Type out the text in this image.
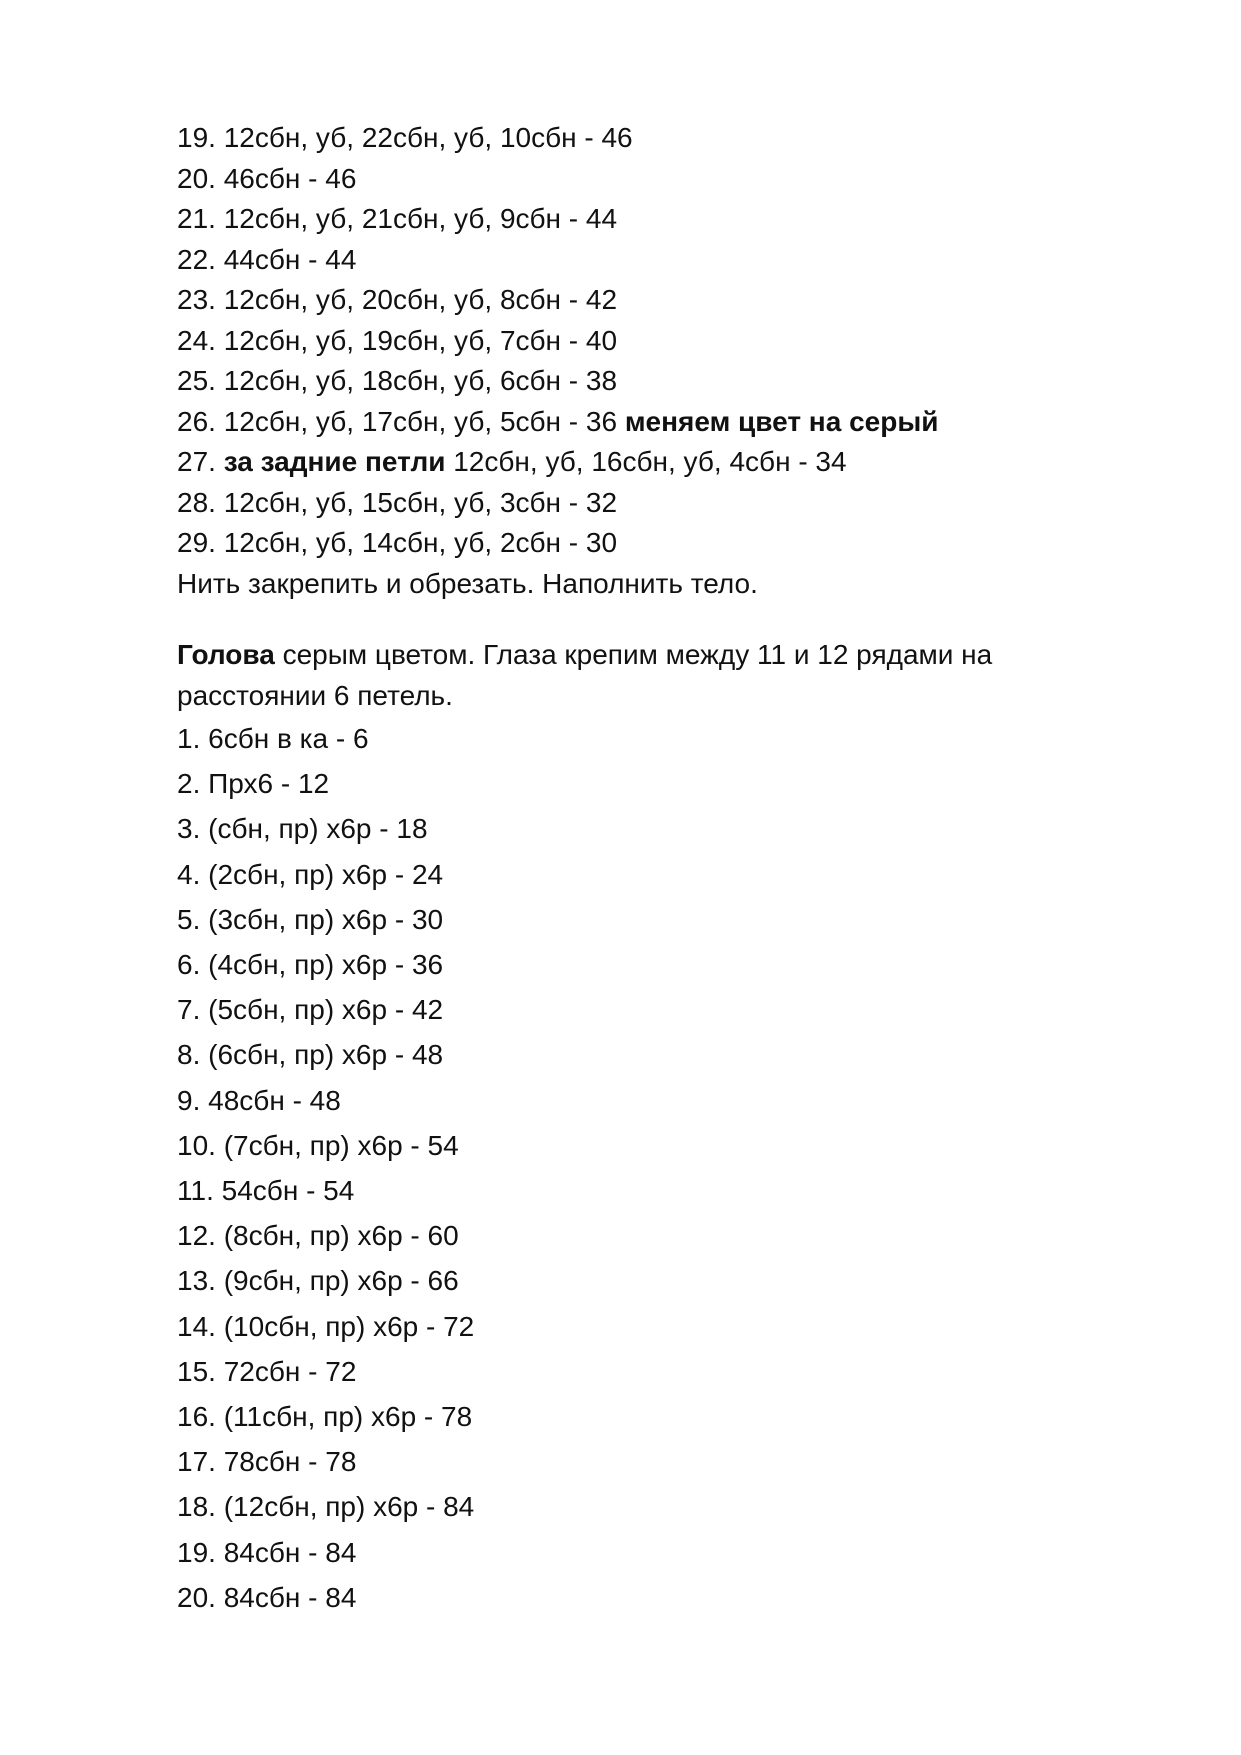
19. 12сбн, уб, 22сбн, уб, 10сбн - 46
20. 46сбн - 46
21. 12сбн, уб, 21сбн, уб, 9сбн - 44
22. 44сбн - 44
23. 12сбн, уб, 20сбн, уб, 8сбн - 42
24. 12сбн, уб, 19сбн, уб, 7сбн - 40
25. 12сбн, уб, 18сбн, уб, 6сбн - 38
26. 12сбн, уб, 17сбн, уб, 5сбн - 36 меняем цвет на серый
27. за задние петли 12сбн, уб, 16сбн, уб, 4сбн - 34
28. 12сбн, уб, 15сбн, уб, 3сбн - 32
29. 12сбн, уб, 14сбн, уб, 2сбн - 30
Нить закрепить и обрезать. Наполнить тело.
Голова серым цветом. Глаза крепим между 11 и 12 рядами на расстоянии 6 петель.
1. 6сбн в ка - 6
2. Прх6 - 12
3. (сбн, пр) х6р - 18
4. (2сбн, пр) х6р - 24
5. (3сбн, пр) х6р - 30
6. (4сбн, пр) х6р - 36
7. (5сбн, пр) х6р - 42
8. (6сбн, пр) х6р - 48
9. 48сбн - 48
10. (7сбн, пр) х6р - 54
11. 54сбн - 54
12. (8сбн, пр) х6р - 60
13. (9сбн, пр) х6р - 66
14. (10сбн, пр) х6р - 72
15. 72сбн - 72
16. (11сбн, пр) х6р - 78
17. 78сбн - 78
18. (12сбн, пр) х6р - 84
19. 84сбн - 84
20. 84сбн - 84
